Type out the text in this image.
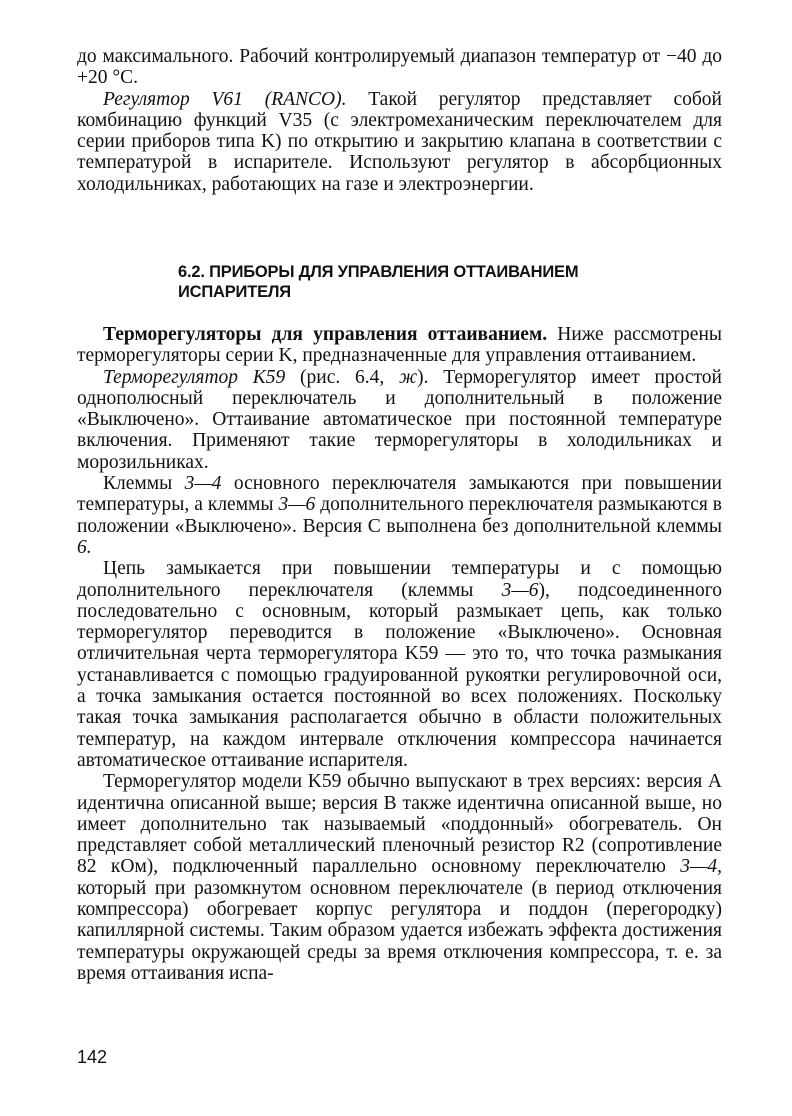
до максимального. Рабочий контролируемый диапазон температур от −40 до +20 °C.

Регулятор V61 (RANCO). Такой регулятор представляет собой комбинацию функций V35 (с электромеханическим переключателем для серии приборов типа K) по открытию и закрытию клапана в соответствии с температурой в испарителе. Используют регулятор в абсорбционных холодильниках, работающих на газе и электроэнергии.

6.2. ПРИБОРЫ ДЛЯ УПРАВЛЕНИЯ ОТТАИВАНИЕМ ИСПАРИТЕЛЯ

Терморегуляторы для управления оттаиванием. Ниже рассмотрены терморегуляторы серии K, предназначенные для управления оттаиванием.

Терморегулятор K59 (рис. 6.4, ж). Терморегулятор имеет простой однополюсный переключатель и дополнительный в положение «Выключено». Оттаивание автоматическое при постоянной температуре включения. Применяют такие терморегуляторы в холодильниках и морозильниках.

Клеммы 3—4 основного переключателя замыкаются при повышении температуры, а клеммы 3—6 дополнительного переключателя размыкаются в положении «Выключено». Версия C выполнена без дополнительной клеммы 6.

Цепь замыкается при повышении температуры и с помощью дополнительного переключателя (клеммы 3—6), подсоединенного последовательно с основным, который размыкает цепь, как только терморегулятор переводится в положение «Выключено». Основная отличительная черта терморегулятора K59 — это то, что точка размыкания устанавливается с помощью градуированной рукоятки регулировочной оси, а точка замыкания остается постоянной во всех положениях. Поскольку такая точка замыкания располагается обычно в области положительных температур, на каждом интервале отключения компрессора начинается автоматическое оттаивание испарителя.

Терморегулятор модели K59 обычно выпускают в трех версиях: версия A идентична описанной выше; версия B также идентична описанной выше, но имеет дополнительно так называемый «поддонный» обогреватель. Он представляет собой металлический пленочный резистор R2 (сопротивление 82 кОм), подключенный параллельно основному переключателю 3—4, который при разомкнутом основном переключателе (в период отключения компрессора) обогревает корпус регулятора и поддон (перегородку) капиллярной системы. Таким образом удается избежать эффекта достижения температуры окружающей среды за время отключения компрессора, т. е. за время оттаивания испа-

142
